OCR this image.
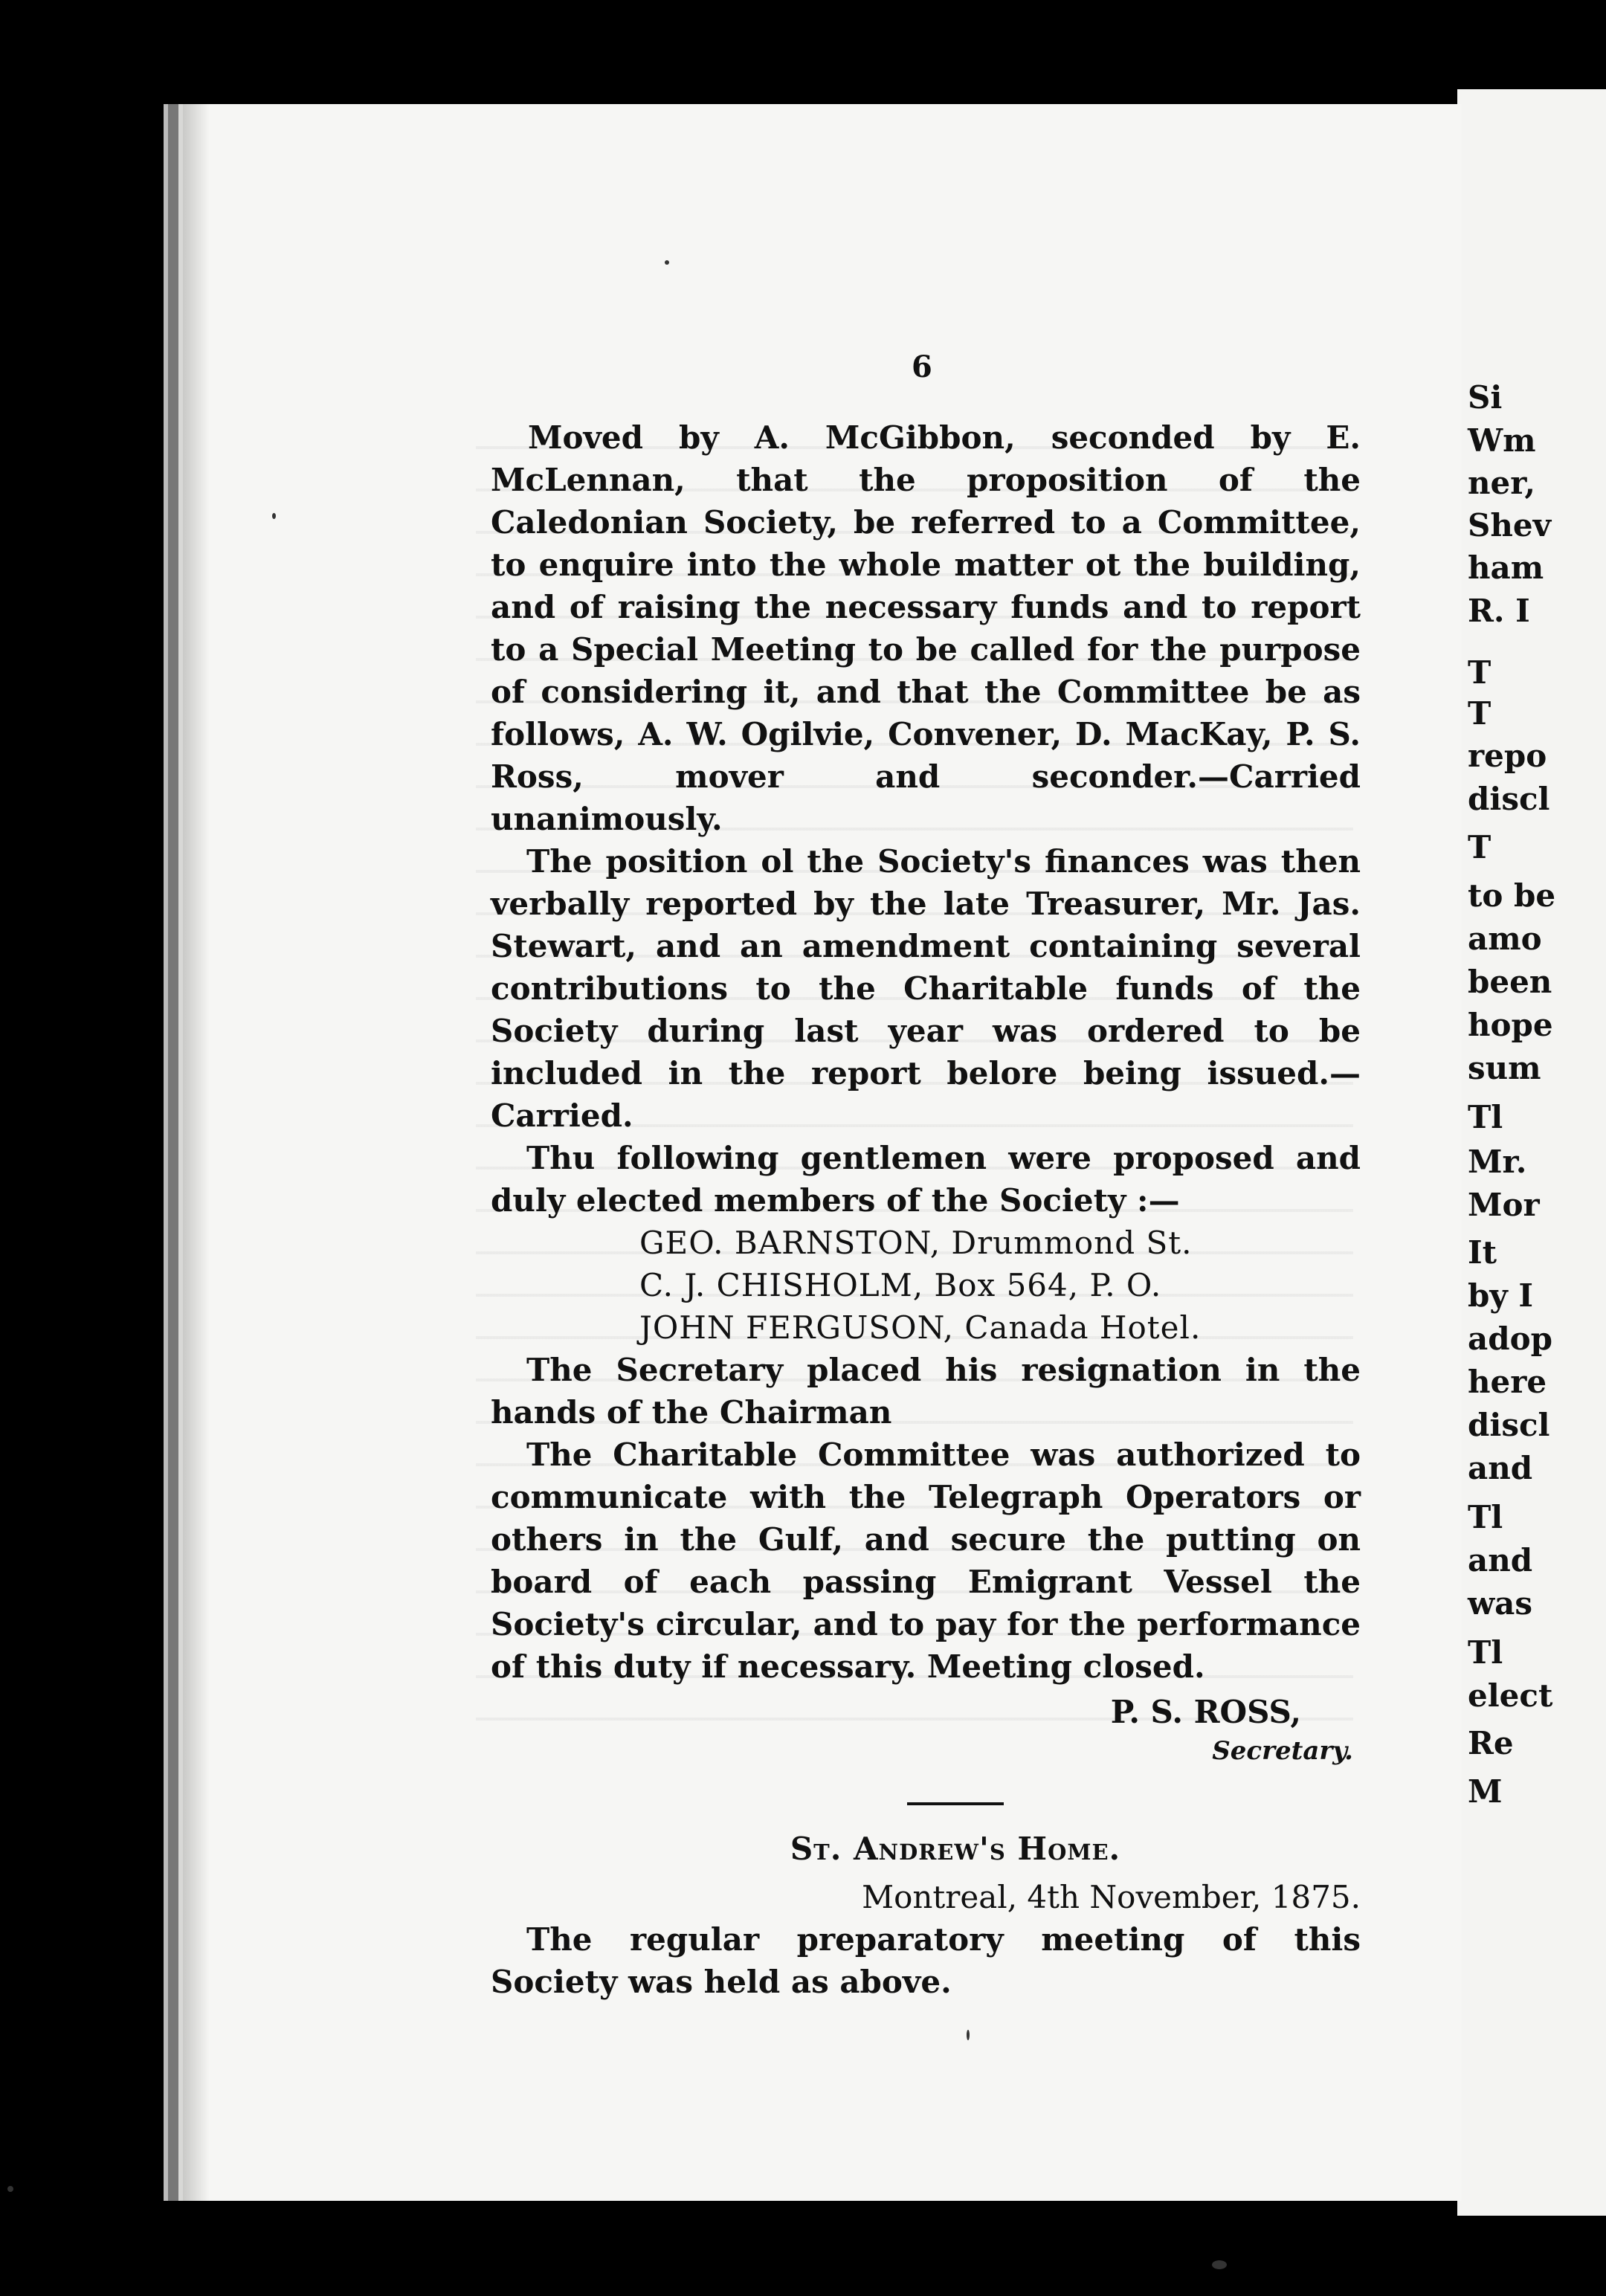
Si
Wm
ner,
Shev
ham
R. I
T
T
repo
discl
T
to be
amo
been
hope
sum
Tl
Mr.
Mor
It
by I
adop
here
discl
and
Tl
and
was
Tl
elect
Re
M
6

Moved by A. McGibbon, seconded by E. McLennan, that the proposition of the Caledonian Society, be referred to a Committee, to enquire into the whole matter ot the building, and of raising the necessary funds and to report to a Special Meeting to be called for the purpose of considering it, and that the Committee be as follows, A. W. Ogilvie, Convener, D. MacKay, P. S. Ross, mover and seconder.—Carried unanimously.

The position ol the Society's finances was then verbally reported by the late Treasurer, Mr. Jas. Stewart, and an amendment containing several contributions to the Charitable funds of the Society during last year was ordered to be included in the report belore being issued.—Carried.

Thu following gentlemen were proposed and duly elected members of the Society :—

GEO. BARNSTON, Drummond St.

C. J. CHISHOLM, Box 564, P. O.

JOHN FERGUSON, Canada Hotel.

The Secretary placed his resignation in the hands of the Chairman

The Charitable Committee was authorized to communicate with the Telegraph Operators or others in the Gulf, and secure the putting on board of each passing Emigrant Vessel the Society's circular, and to pay for the performance of this duty if necessary. Meeting closed.

P. S. ROSS,

Secretary.

St. Andrew's Home.

Montreal, 4th November, 1875.

The regular preparatory meeting of this Society was held as above.
